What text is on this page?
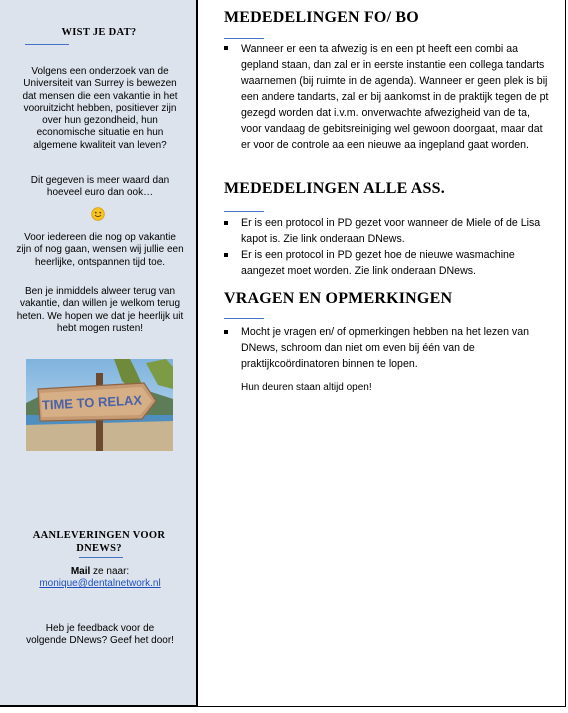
WIST JE DAT?
Volgens een onderzoek van de Universiteit van Surrey is bewezen dat mensen die een vakantie in het vooruitzicht hebben, positiever zijn over hun gezondheid, hun economische situatie en hun algemene kwaliteit van leven?
Dit gegeven is meer waard dan hoeveel euro dan ook…
Voor iedereen die nog op vakantie zijn of nog gaan, wensen wij jullie een heerlijke, ontspannen tijd toe.
Ben je inmiddels alweer terug van vakantie, dan willen je welkom terug heten. We hopen we dat je heerlijk uit hebt mogen rusten!
TIME TO RELAX
AANLEVERINGEN VOOR DNEWS?
Mail ze naar:
monique@dentalnetwork.nl
Heb je feedback voor de volgende DNews? Geef het door!
MEDEDELINGEN FO/ BO
Wanneer er een ta afwezig is en een pt heeft een combi aa gepland staan, dan zal er in eerste instantie een collega tandarts waarnemen (bij ruimte in de agenda). Wanneer er geen plek is bij een andere tandarts, zal er bij aankomst in de praktijk tegen de pt gezegd worden dat i.v.m. onverwachte afwezigheid van de ta, voor vandaag de gebitsreiniging wel gewoon doorgaat, maar dat er voor de controle aa een nieuwe aa ingepland gaat worden.
MEDEDELINGEN ALLE ASS.
Er is een protocol in PD gezet voor wanneer de Miele of de Lisa kapot is. Zie link onderaan DNews.
Er is een protocol in PD gezet hoe de nieuwe wasmachine aangezet moet worden. Zie link onderaan DNews.
VRAGEN EN OPMERKINGEN
Mocht je vragen en/ of opmerkingen hebben na het lezen van DNews, schroom dan niet om even bij één van de praktijkcoördinatoren binnen te lopen.
Hun deuren staan altijd open!
